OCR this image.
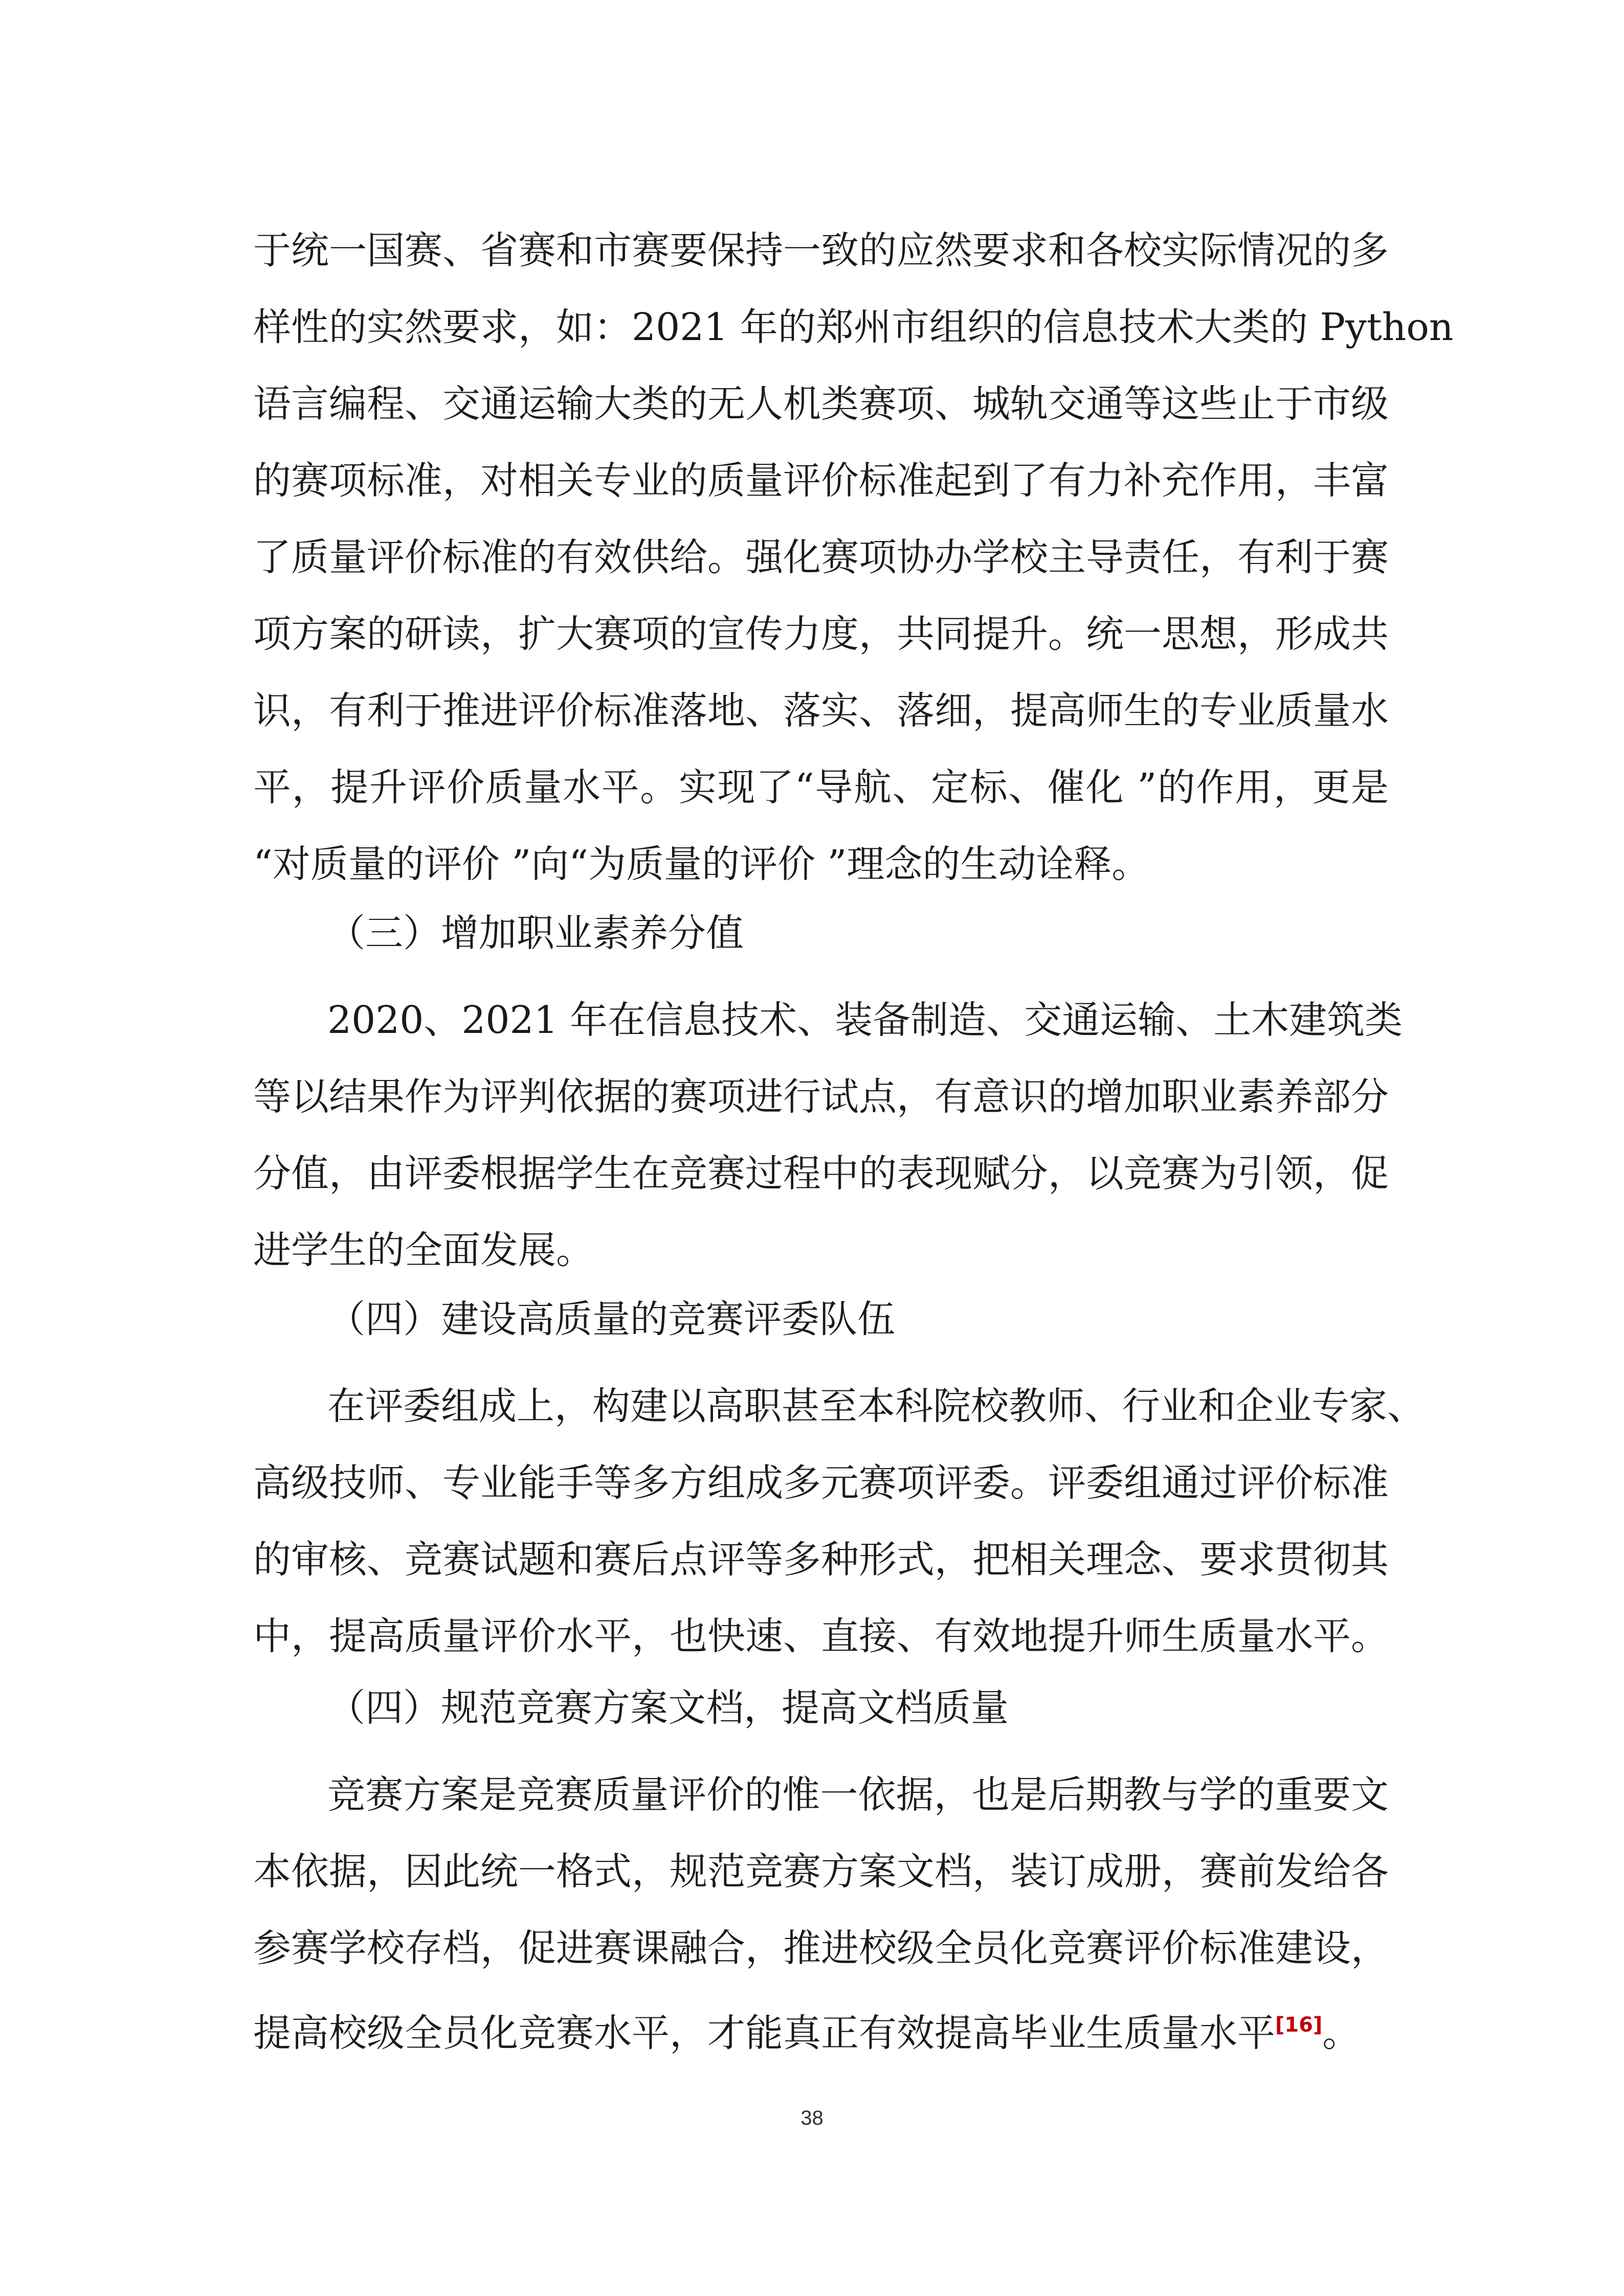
于统一国赛、省赛和市赛要保持一致的应然要求和各校实际情况的多
样性的实然要求，如：2021 年的郑州市组织的信息技术大类的 Python
语言编程、交通运输大类的无人机类赛项、城轨交通等这些止于市级
的赛项标准，对相关专业的质量评价标准起到了有力补充作用，丰富
了质量评价标准的有效供给。强化赛项协办学校主导责任，有利于赛
项方案的研读，扩大赛项的宣传力度，共同提升。统一思想，形成共
识，有利于推进评价标准落地、落实、落细，提高师生的专业质量水
平，提升评价质量水平。实现了“导航、定标、催化 ”的作用，更是
“对质量的评价 ”向“为质量的评价 ”理念的生动诠释。
（三）增加职业素养分值
2020、2021 年在信息技术、装备制造、交通运输、土木建筑类
等以结果作为评判依据的赛项进行试点，有意识的增加职业素养部分
分值，由评委根据学生在竞赛过程中的表现赋分，以竞赛为引领，促
进学生的全面发展。
（四）建设高质量的竞赛评委队伍
在评委组成上，构建以高职甚至本科院校教师、行业和企业专家、
高级技师、专业能手等多方组成多元赛项评委。评委组通过评价标准
的审核、竞赛试题和赛后点评等多种形式，把相关理念、要求贯彻其
中，提高质量评价水平，也快速、直接、有效地提升师生质量水平。
（四）规范竞赛方案文档，提高文档质量
竞赛方案是竞赛质量评价的惟一依据，也是后期教与学的重要文
本依据，因此统一格式，规范竞赛方案文档，装订成册，赛前发给各
参赛学校存档，促进赛课融合，推进校级全员化竞赛评价标准建设，
提高校级全员化竞赛水平，才能真正有效提高毕业生质量水平[16]。
38
